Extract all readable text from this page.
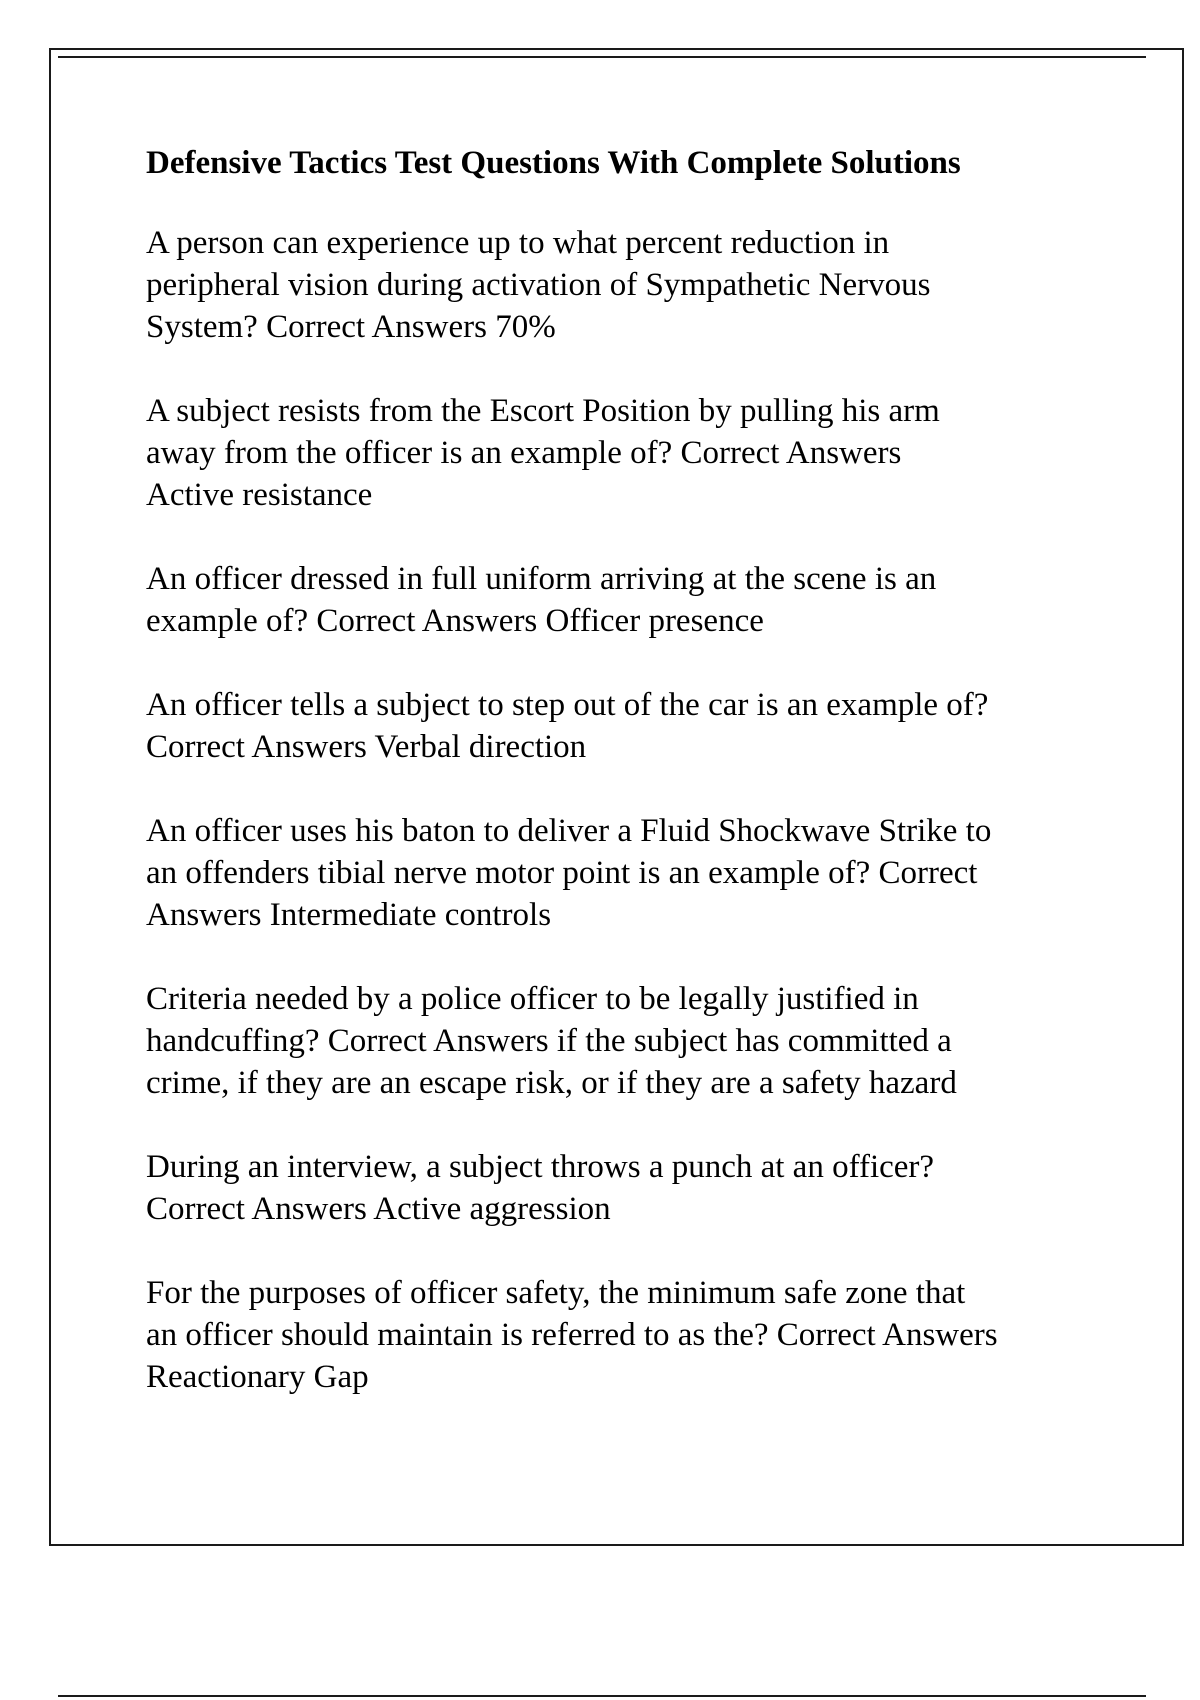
Defensive Tactics Test Questions With Complete Solutions
A person can experience up to what percent reduction in
peripheral vision during activation of Sympathetic Nervous
System? Correct Answers 70%
A subject resists from the Escort Position by pulling his arm
away from the officer is an example of? Correct Answers
Active resistance
An officer dressed in full uniform arriving at the scene is an
example of? Correct Answers Officer presence
An officer tells a subject to step out of the car is an example of?
Correct Answers Verbal direction
An officer uses his baton to deliver a Fluid Shockwave Strike to
an offenders tibial nerve motor point is an example of? Correct
Answers Intermediate controls
Criteria needed by a police officer to be legally justified in
handcuffing? Correct Answers if the subject has committed a
crime, if they are an escape risk, or if they are a safety hazard
During an interview, a subject throws a punch at an officer?
Correct Answers Active aggression
For the purposes of officer safety, the minimum safe zone that
an officer should maintain is referred to as the? Correct Answers
Reactionary Gap
